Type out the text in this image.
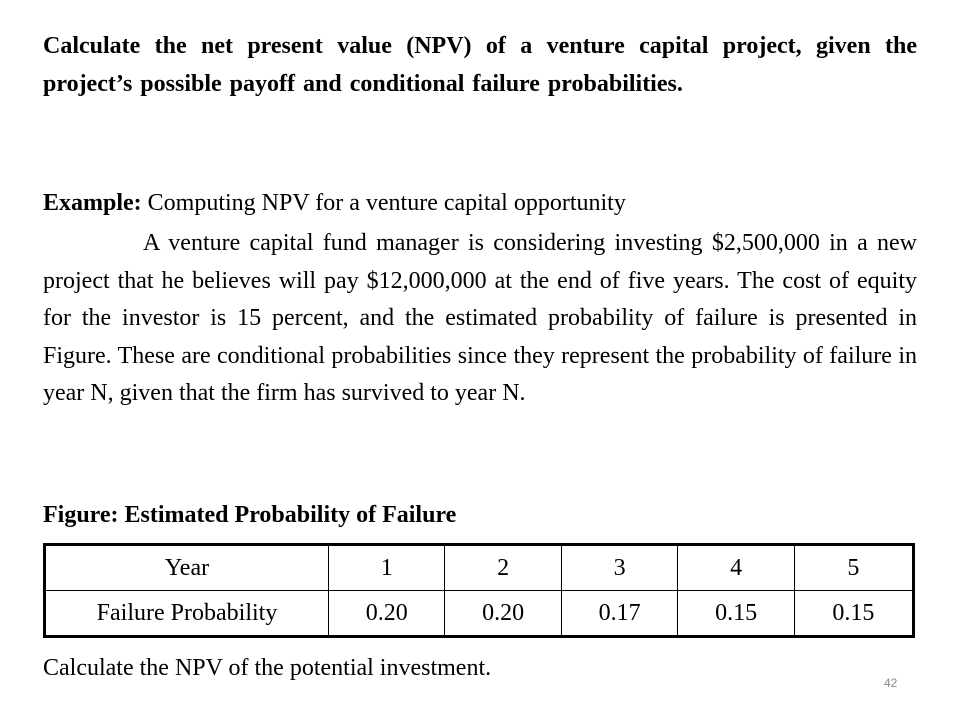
Calculate the net present value (NPV) of a venture capital project, given the project’s possible payoff and conditional failure probabilities.
Example: Computing NPV for a venture capital opportunity
A venture capital fund manager is considering investing $2,500,000 in a new project that he believes will pay $12,000,000 at the end of five years. The cost of equity for the investor is 15 percent, and the estimated probability of failure is presented in Figure. These are conditional probabilities since they represent the probability of failure in year N, given that the firm has survived to year N.
Figure: Estimated Probability of Failure
Year	1	2	3	4	5
Failure Probability	0.20	0.20	0.17	0.15	0.15
Calculate the NPV of the potential investment.
42
